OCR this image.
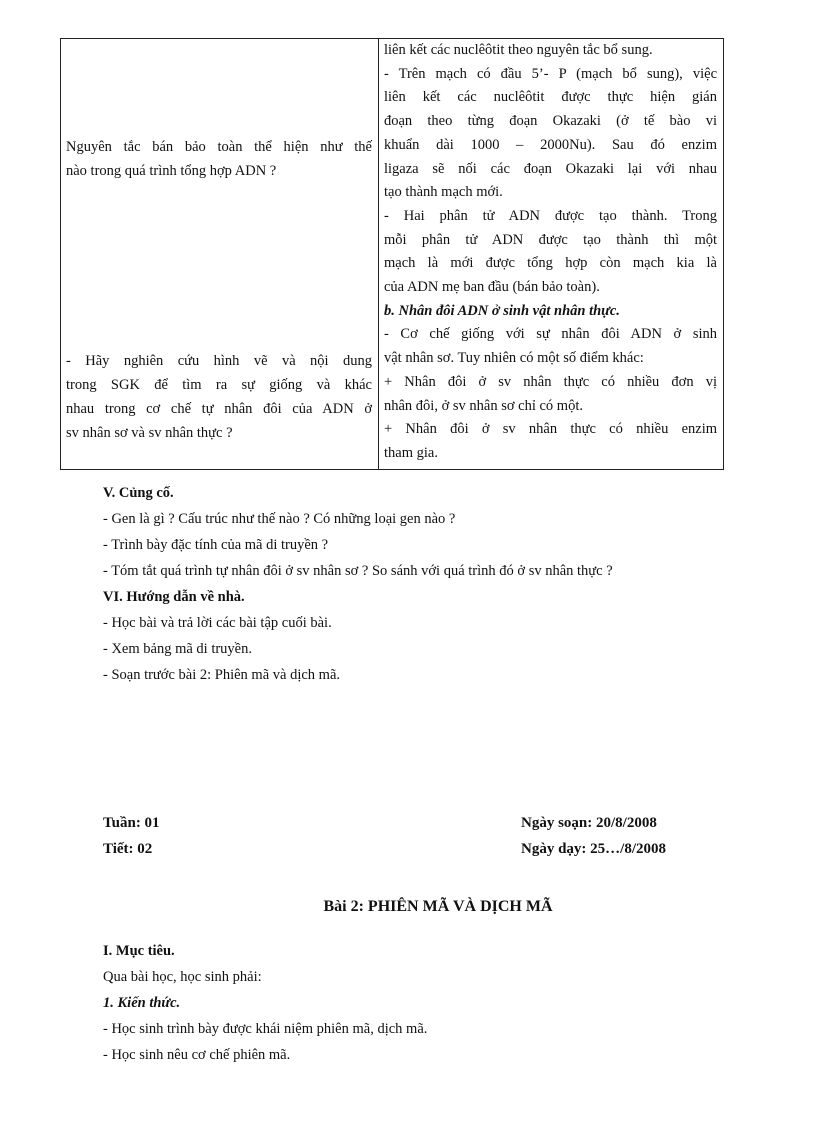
Nguyên tắc bán bảo toàn thể hiện như thế
nào trong quá trình tổng hợp ADN ?
- Hãy nghiên cứu hình vẽ và nội dung
trong SGK để tìm ra sự giống và khác
nhau trong cơ chế tự nhân đôi của ADN ở
sv nhân sơ và sv nhân thực ?

liên kết các nuclêôtit theo nguyên tắc bổ sung.
- Trên mạch có đầu 5’- P (mạch bổ sung), việc
liên kết các nuclêôtit được thực hiện gián
đoạn theo từng đoạn Okazaki (ở tế bào vi
khuẩn dài 1000 – 2000Nu). Sau đó enzim
ligaza sẽ nối các đoạn Okazaki lại với nhau
tạo thành mạch mới.
- Hai phân tử ADN được tạo thành. Trong
mỗi phân tử ADN được tạo thành thì một
mạch là mới được tổng hợp còn mạch kia là
của ADN mẹ ban đầu (bán bảo toàn).
b. Nhân đôi ADN ở sinh vật nhân thực.
- Cơ chế giống với sự nhân đôi ADN ở sinh
vật nhân sơ. Tuy nhiên có một số điểm khác:
+ Nhân đôi ở sv nhân thực có nhiều đơn vị
nhân đôi, ở sv nhân sơ chỉ có một.
+ Nhân đôi ở sv nhân thực có nhiều enzim
tham gia.
V. Củng cố.
- Gen là gì ? Cấu trúc như thế nào ? Có những loại gen nào ?
- Trình bày đặc tính của mã di truyền ?
- Tóm tắt quá trình tự nhân đôi ở sv nhân sơ ? So sánh với quá trình đó ở sv nhân thực ?
VI. Hướng dẫn về nhà.
- Học bài và trả lời các bài tập cuối bài.
- Xem bảng mã di truyền.
- Soạn trước bài 2: Phiên mã và dịch mã.
Tuần: 01
Tiết: 02
Ngày soạn: 20/8/2008
Ngày dạy: 25…/8/2008
Bài 2: PHIÊN MÃ VÀ DỊCH MÃ
I. Mục tiêu.
Qua bài học, học sinh phải:
1. Kiến thức.
- Học sinh trình bày được khái niệm phiên mã, dịch mã.
- Học sinh nêu cơ chế phiên mã.
